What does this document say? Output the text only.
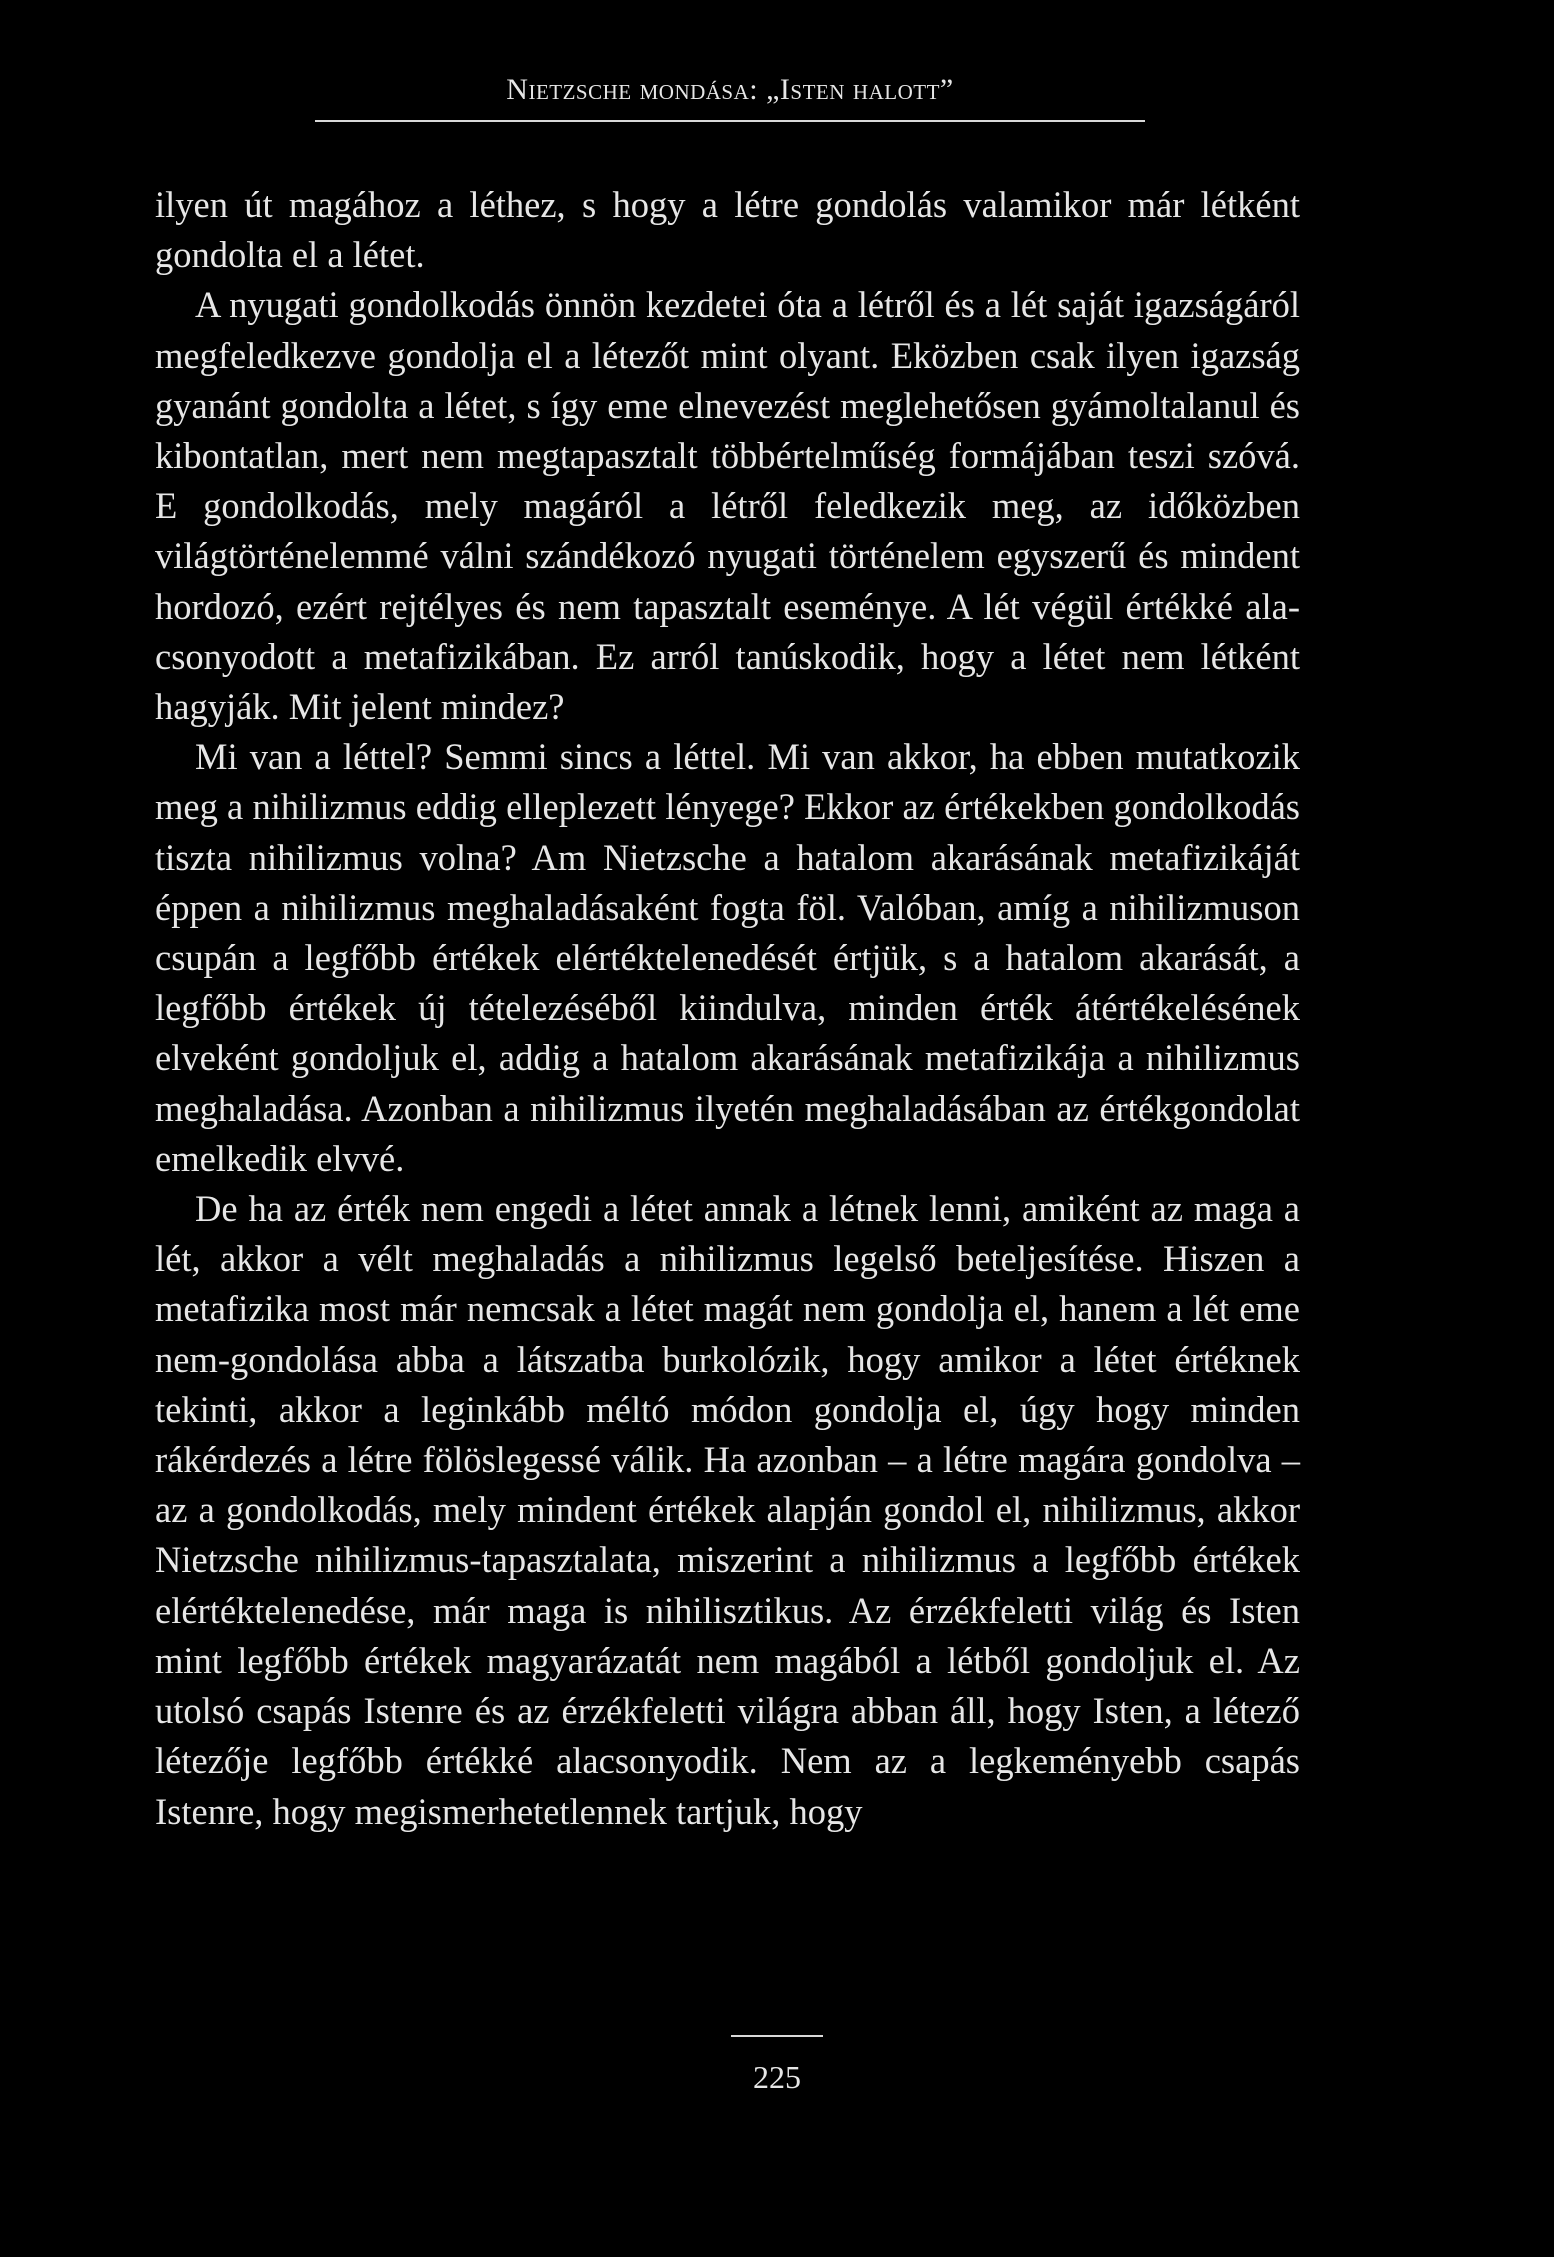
Nietzsche mondása: „Isten halott”

ilyen út magához a léthez, s hogy a létre gondolás valamikor már létként gondolta el a létet.

A nyugati gondolkodás önnön kezdetei óta a létről és a lét saját igazságáról megfeledkezve gondolja el a létezőt mint olyant. Eközben csak ilyen igazság gyanánt gondolta a létet, s így eme elnevezést meglehetősen gyámoltalanul és kibontatlan, mert nem megtapasztalt többértelműség formájában teszi szóvá. E gondolkodás, mely magáról a létről feledkezik meg, az időközben világtörténelemmé válni szándékozó nyugati történelem egyszerű és mindent hordozó, ezért rejtélyes és nem tapasztalt eseménye. A lét végül értékké alacsonyodott a metafizikában. Ez arról tanúskodik, hogy a létet nem létként hagyják. Mit jelent mindez?

Mi van a léttel? Semmi sincs a léttel. Mi van akkor, ha ebben mutatkozik meg a nihilizmus eddig elleplezett lényege? Ekkor az értékekben gondolkodás tiszta nihilizmus volna? Am Nietzsche a hatalom akarásának metafizikáját éppen a nihilizmus meghaladásaként fogta föl. Valóban, amíg a nihilizmuson csupán a legfőbb értékek elértéktelenedését értjük, s a hatalom akarását, a legfőbb értékek új tételezéséből kiindulva, minden érték átértékelésének elveként gondoljuk el, addig a hatalom akarásának metafizikája a nihilizmus meghaladása. Azonban a nihilizmus ilyetén meghaladásában az értékgondolat emelkedik elvvé.

De ha az érték nem engedi a létet annak a létnek lenni, amiként az maga a lét, akkor a vélt meghaladás a nihilizmus legelső beteljesítése. Hiszen a metafizika most már nemcsak a létet magát nem gondolja el, hanem a lét eme nem-gondolása abba a látszatba burkolózik, hogy amikor a létet értéknek tekinti, akkor a leginkább méltó módon gondolja el, úgy hogy minden rákérdezés a létre fölöslegessé válik. Ha azonban – a létre magára gondolva – az a gondolkodás, mely mindent értékek alapján gondol el, nihilizmus, akkor Nietzsche nihilizmus-tapasztalata, miszerint a nihilizmus a legfőbb értékek elértéktelenedése, már maga is nihilisztikus. Az érzékfeletti világ és Isten mint legfőbb értékek magyarázatát nem magából a létből gondoljuk el. Az utolsó csapás Istenre és az érzékfeletti világra abban áll, hogy Isten, a létező létezője legfőbb értékké alacsonyodik. Nem az a legkeményebb csapás Istenre, hogy megismerhetetlennek tartjuk, hogy

225
